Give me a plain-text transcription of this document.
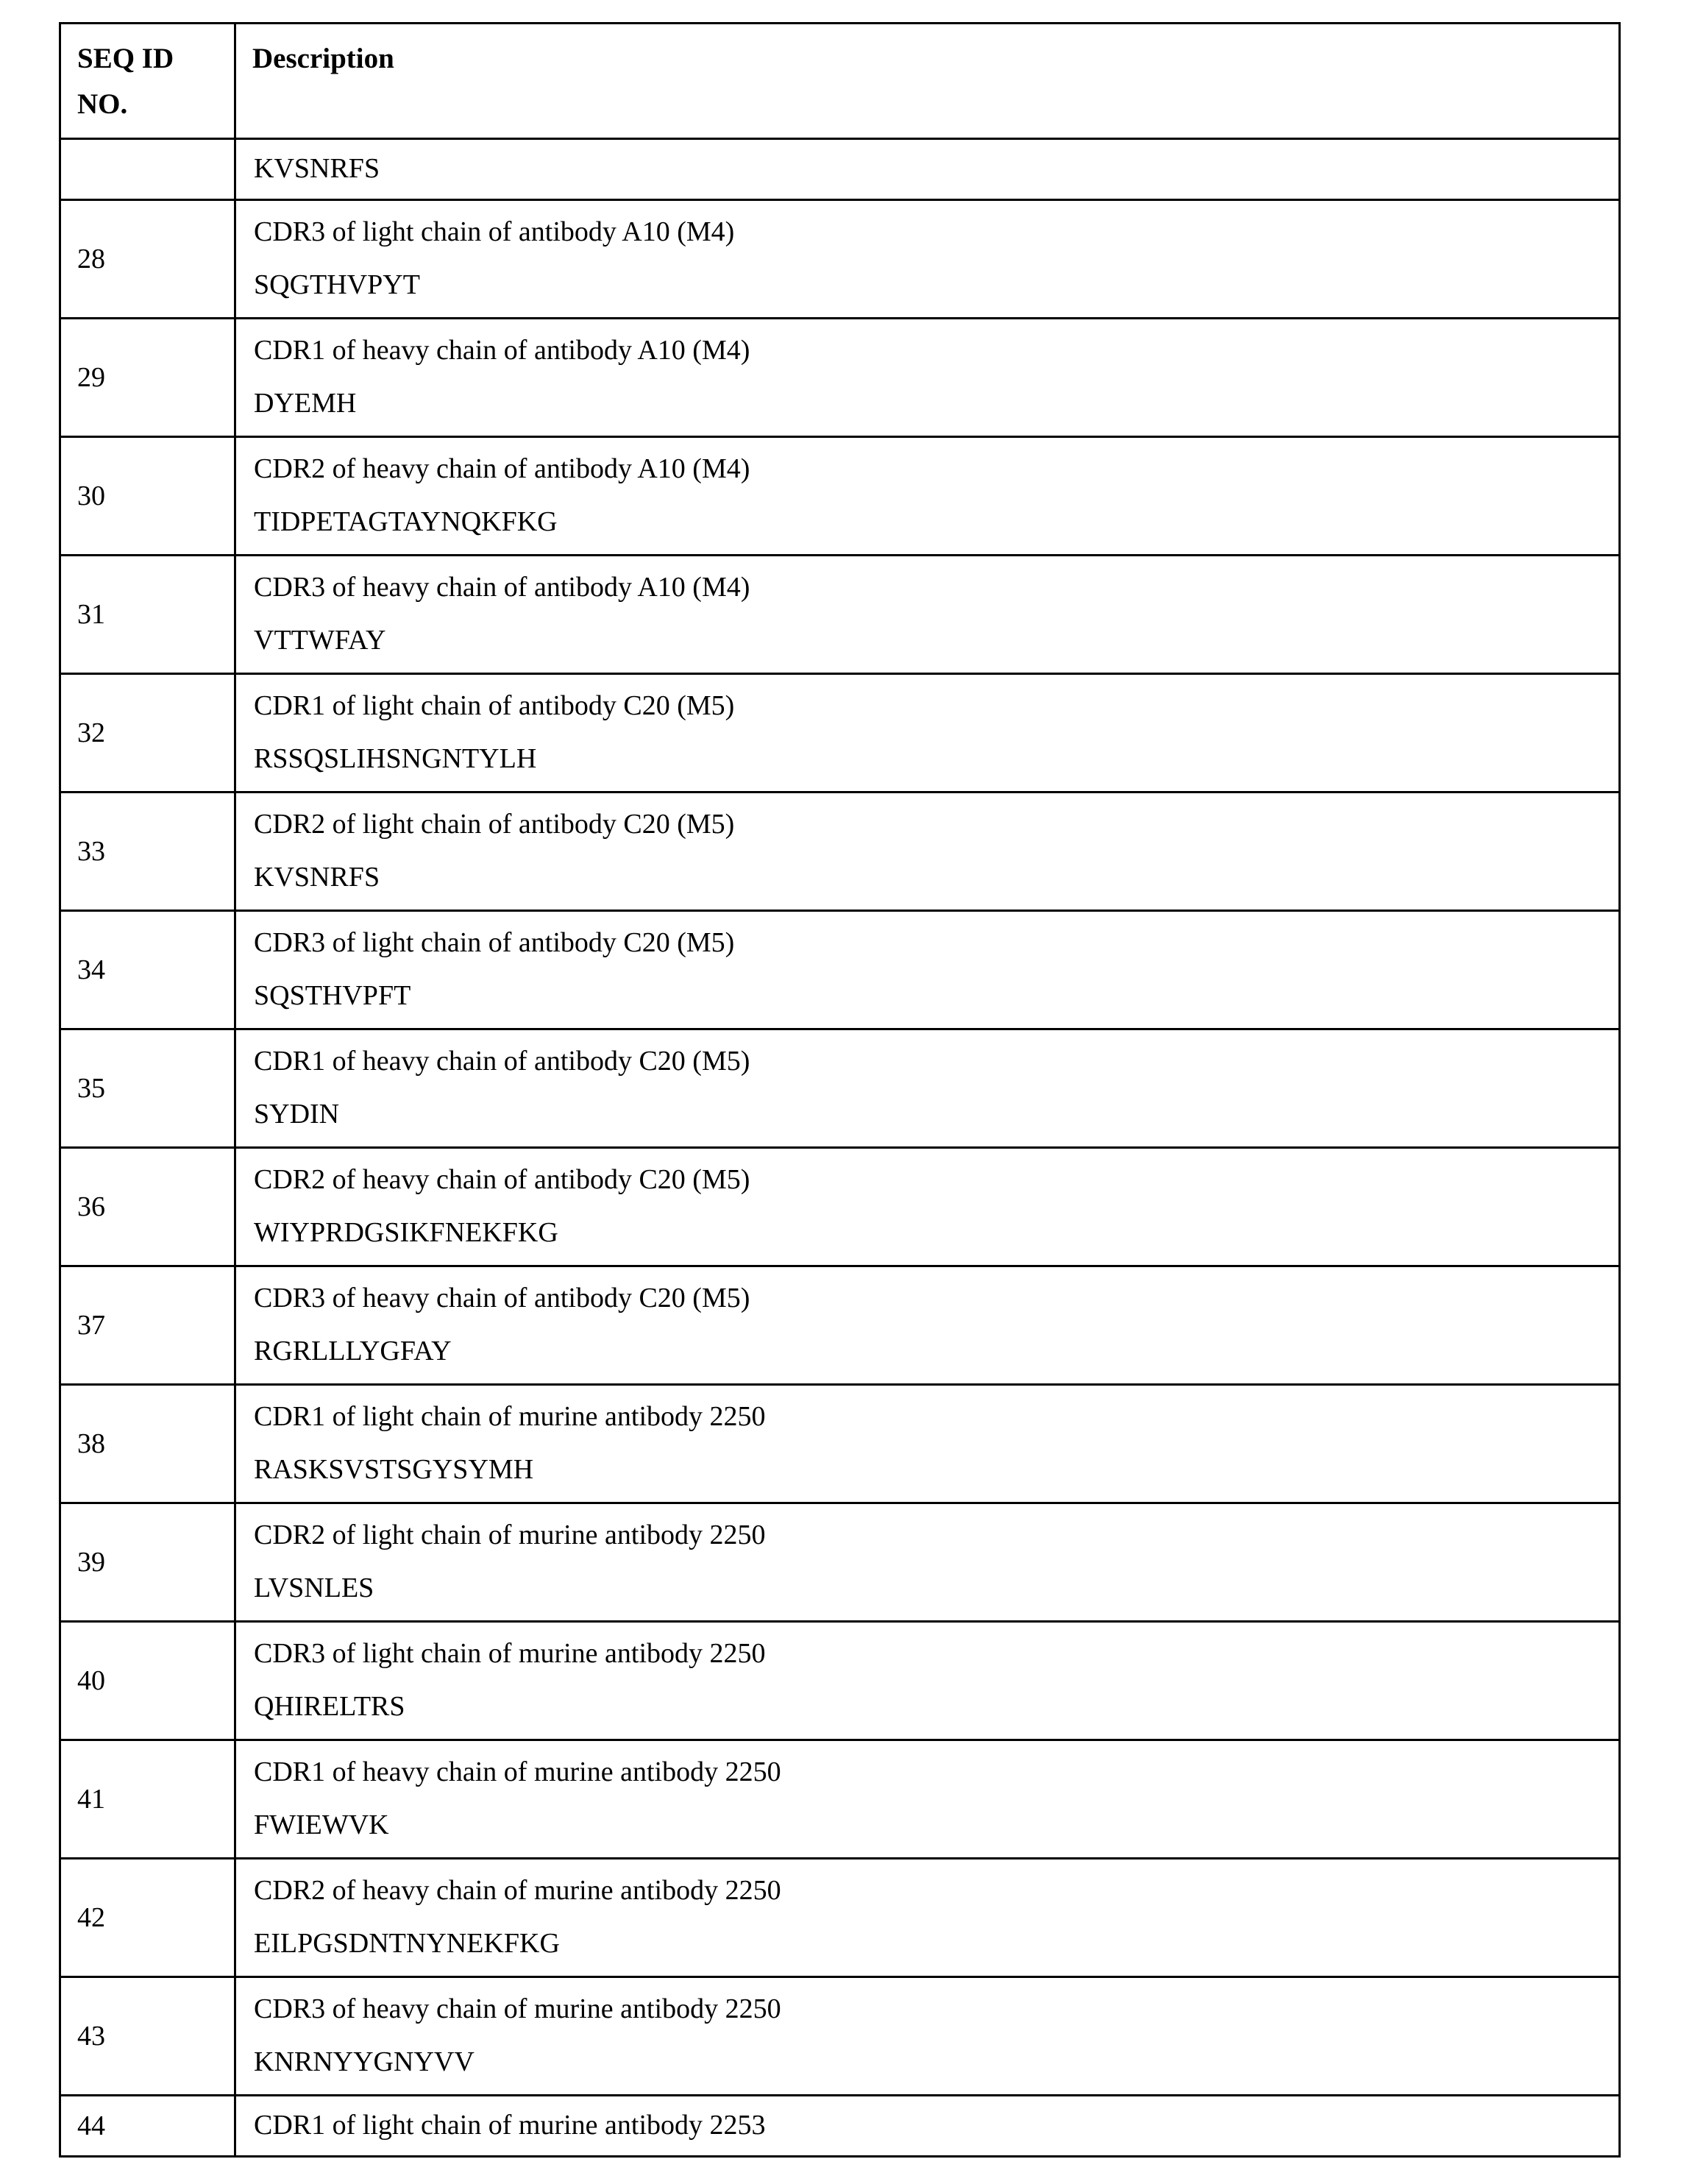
SEQ ID
NO.	Description

	KVSNRFS

28	CDR3 of light chain of antibody A10 (M4)
SQGTHVPYT

29	CDR1 of heavy chain of antibody A10 (M4)
DYEMH

30	CDR2 of heavy chain of antibody A10 (M4)
TIDPETAGTAYNQKFKG

31	CDR3 of heavy chain of antibody A10 (M4)
VTTWFAY

32	CDR1 of light chain of antibody C20 (M5)
RSSQSLIHSNGNTYLH

33	CDR2 of light chain of antibody C20 (M5)
KVSNRFS

34	CDR3 of light chain of antibody C20 (M5)
SQSTHVPFT

35	CDR1 of heavy chain of antibody C20 (M5)
SYDIN

36	CDR2 of heavy chain of antibody C20 (M5)
WIYPRDGSIKFNEKFKG

37	CDR3 of heavy chain of antibody C20 (M5)
RGRLLLYGFAY

38	CDR1 of light chain of murine antibody 2250
RASKSVSTSGYSYMH

39	CDR2 of light chain of murine antibody 2250
LVSNLES

40	CDR3 of light chain of murine antibody 2250
QHIRELTRS

41	CDR1 of heavy chain of murine antibody 2250
FWIEWVK

42	CDR2 of heavy chain of murine antibody 2250
EILPGSDNTNYNEKFKG

43	CDR3 of heavy chain of murine antibody 2250
KNRNYYGNYVV

44	CDR1 of light chain of murine antibody 2253
